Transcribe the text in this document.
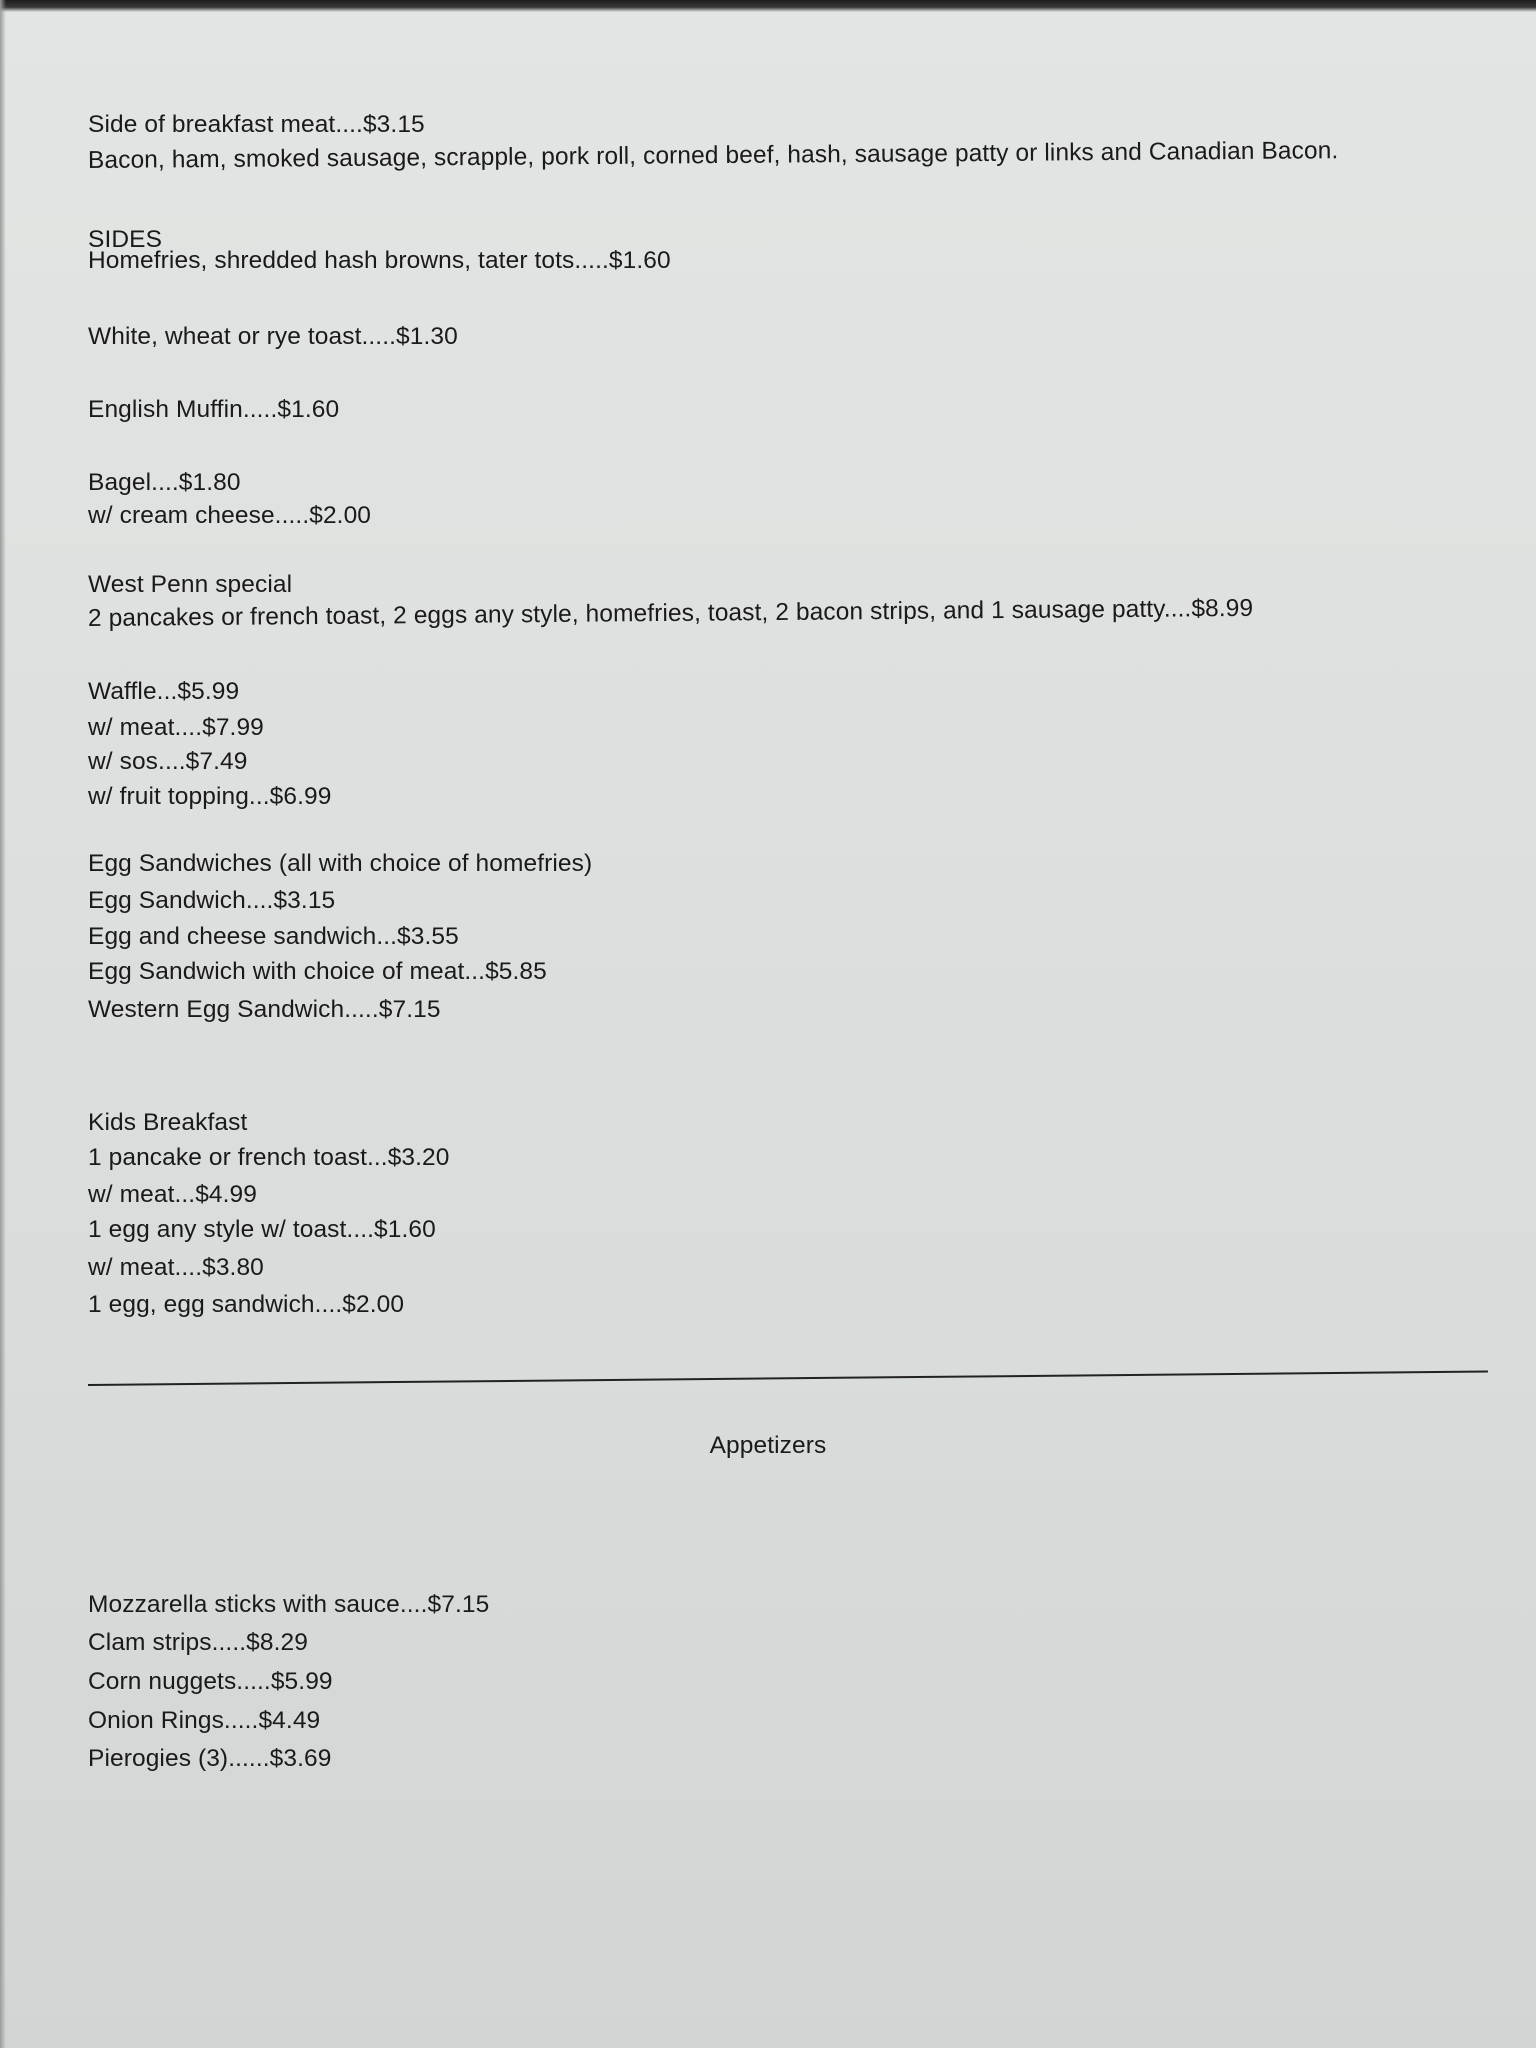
Side of breakfast meat....$3.15
Bacon, ham, smoked sausage, scrapple, pork roll, corned beef, hash, sausage patty or links and Canadian Bacon.
SIDES
Homefries, shredded hash browns, tater tots.....$1.60
White, wheat or rye toast.....$1.30
English Muffin.....$1.60
Bagel....$1.80
w/ cream cheese.....$2.00
West Penn special
2 pancakes or french toast, 2 eggs any style, homefries, toast, 2 bacon strips, and 1 sausage patty....$8.99
Waffle...$5.99
w/ meat....$7.99
w/ sos....$7.49
w/ fruit topping...$6.99
Egg Sandwiches (all with choice of homefries)
Egg Sandwich....$3.15
Egg and cheese sandwich...$3.55
Egg Sandwich with choice of meat...$5.85
Western Egg Sandwich.....$7.15
Kids Breakfast
1 pancake or french toast...$3.20
w/ meat...$4.99
1 egg any style w/ toast....$1.60
w/ meat....$3.80
1 egg, egg sandwich....$2.00
Appetizers
Mozzarella sticks with sauce....$7.15
Clam strips.....$8.29
Corn nuggets.....$5.99
Onion Rings.....$4.49
Pierogies (3)......$3.69
